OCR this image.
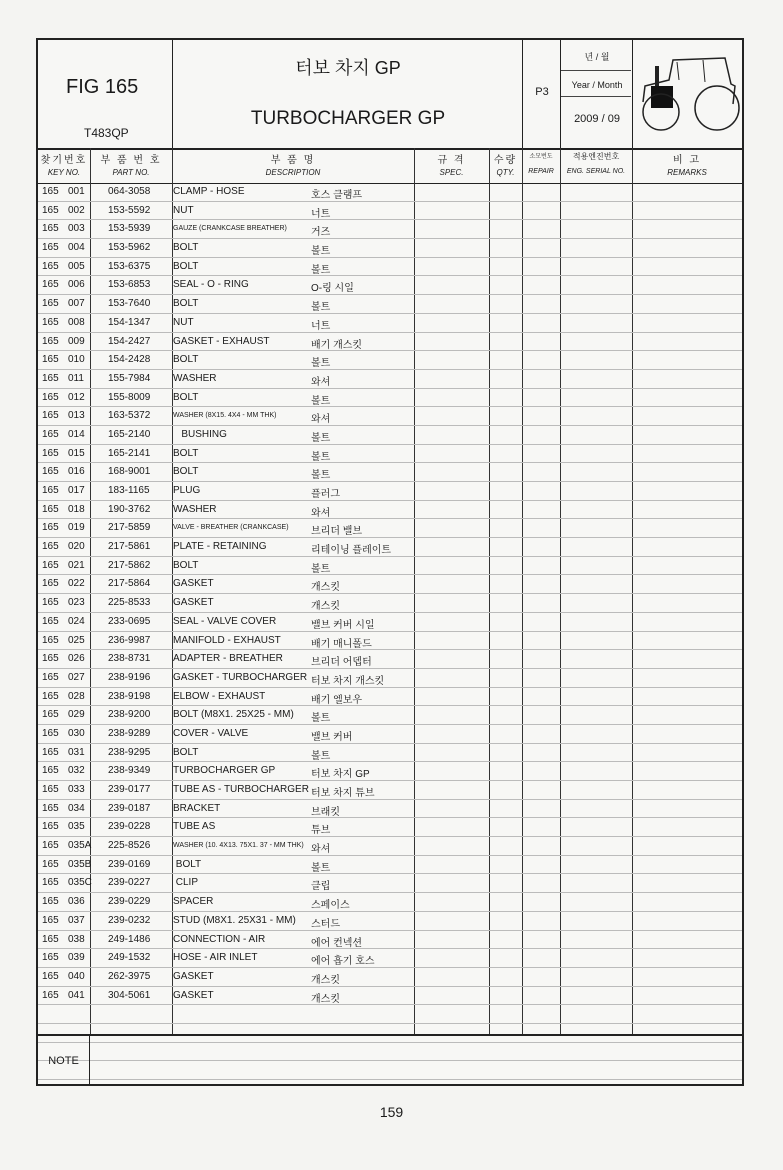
FIG 165
T483QP
터보 차지 GP
TURBOCHARGER GP
P3
년 / 월
Year / Month
2009 / 09
찾기번호
KEY NO.
부 품 번 호
PART NO.
부 품 명
DESCRIPTION
규 격
SPEC.
수량
QTY.
소모번도
REPAIR
적용엔진번호
ENG. SERIAL NO.
비 고
REMARKS
165 001 064-3058 CLAMP - HOSE	호스 클램프
165 002 153-5592 NUT	너트
165 003 153-5939	GAUZE (CRANKCASE BREATHER) 거즈
165 004 153-5962 BOLT	볼트
165 005 153-6375 BOLT	볼트
165 006 153-6853 SEAL - O - RING	O-링 시일
165 007 153-7640 BOLT	볼트
165 008 154-1347 NUT	너트
165 009 154-2427 GASKET - EXHAUST	배기 개스킷
165 010 154-2428 BOLT	볼트
165 011 155-7984 WASHER	와셔
165 012 155-8009 BOLT	볼트
165 013 163-5372	WASHER (8X15. 4X4 - MM THK)	와셔
165 014 165-2140 BUSHING	볼트
165 015 165-2141 BOLT	볼트
165 016 168-9001 BOLT	볼트
165 017 183-1165 PLUG	플러그
165 018 190-3762 WASHER	와셔
165 019 217-5859	VALVE - BREATHER (CRANKCASE) 브리더 밸브
165 020 217-5861 PLATE - RETAINING	리테이닝 플레이트
165 021 217-5862 BOLT	볼트
165 022 217-5864 GASKET	개스킷
165 023 225-8533 GASKET	개스킷
165 024 233-0695 SEAL - VALVE COVER	밸브 커버 시일
165 025 236-9987 MANIFOLD - EXHAUST	배기 매니폴드
165 026 238-8731 ADAPTER - BREATHER	브리더 어뎁터
165 027 238-9196 GASKET - TURBOCHARGER 터보 차지 개스킷
165 028 238-9198 ELBOW - EXHAUST	배기 엘보우
165 029 238-9200 BOLT (M8X1. 25X25 - MM) 볼트
165 030 238-9289 COVER - VALVE	밸브 커버
165 031 238-9295 BOLT	볼트
165 032 238-9349 TURBOCHARGER GP	터보 차지 GP
165 033 239-0177 TUBE AS - TURBOCHARGER 터보 차지 튜브
165 034 239-0187 BRACKET	브래킷
165 035 239-0228 TUBE AS	튜브
165 035A 225-8526	WASHER (10. 4X13. 75X1. 37 - MM THK) 와셔
165 035B 239-0169 BOLT	볼트
165 035C 239-0227 CLIP	클립
165 036 239-0229 SPACER	스페이스
165 037 239-0232 STUD (M8X1. 25X31 - MM) 스터드
165 038 249-1486 CONNECTION - AIR	에어 컨넥션
165 039 249-1532 HOSE - AIR INLET	에어 흡기 호스
165 040 262-3975 GASKET	개스킷
165 041 304-5061 GASKET	개스킷
NOTE
159
